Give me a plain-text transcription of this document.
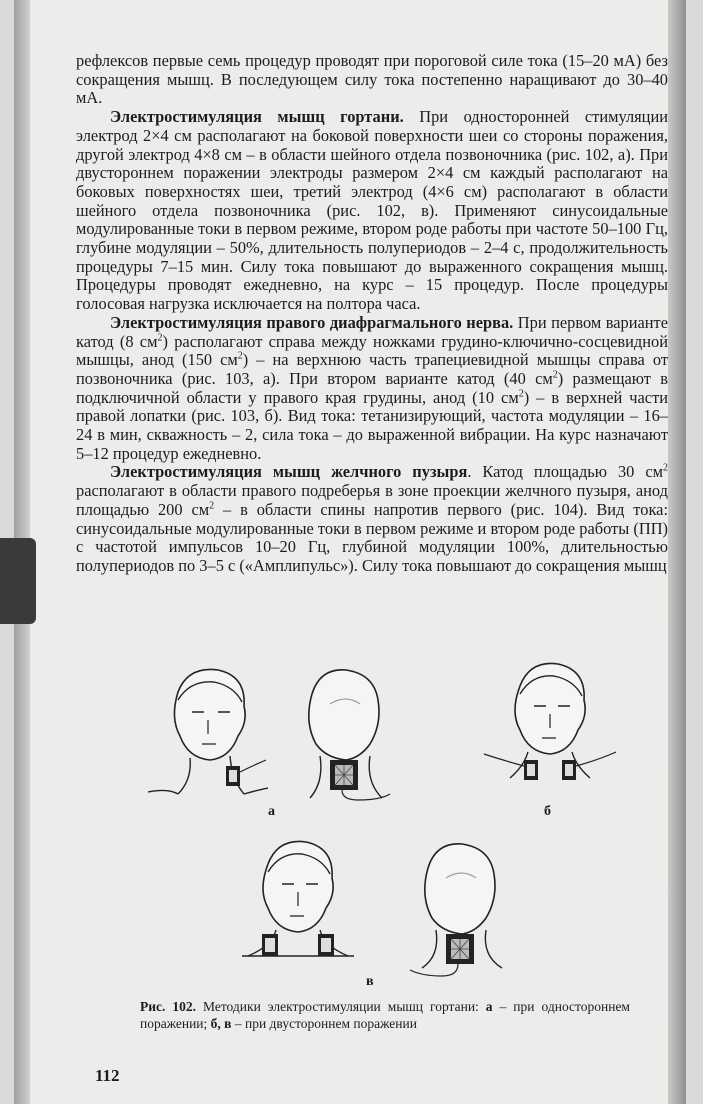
рефлексов первые семь процедур проводят при пороговой силе тока (15–20 мА) без сокращения мышц. В последующем силу тока постепенно наращивают до 30–40 мА.

Электростимуляция мышц гортани. При односторонней стимуляции электрод 2×4 см располагают на боковой поверхности шеи со стороны поражения, другой электрод 4×8 см – в области шейного отдела позвоночника (рис. 102, а). При двустороннем поражении электроды размером 2×4 см каждый располагают на боковых поверхностях шеи, третий электрод (4×6 см) располагают в области шейного отдела позвоночника (рис. 102, в). Применяют синусоидальные модулированные токи в первом режиме, втором роде работы при частоте 50–100 Гц, глубине модуляции – 50%, длительность полупериодов – 2–4 с, продолжительность процедуры 7–15 мин. Силу тока повышают до выраженного сокращения мышц. Процедуры проводят ежедневно, на курс – 15 процедур. После процедуры голосовая нагрузка исключается на полтора часа.

Электростимуляция правого диафрагмального нерва. При первом варианте катод (8 $см^2$) располагают справа между ножками грудино-ключично-сосцевидной мышцы, анод (150 $см^2$) – на верхнюю часть трапециевидной мышцы справа от позвоночника (рис. 103, а). При втором варианте катод (40 $см^2$) размещают в подключичной области у правого края грудины, анод (10 $см^2$) – в верхней части правой лопатки (рис. 103, б). Вид тока: тетанизирующий, частота модуляции – 16–24 в мин, скважность – 2, сила тока – до выраженной вибрации. На курс назначают 5–12 процедур ежедневно.

Электростимуляция мышц желчного пузыря. Катод площадью 30 $см^2$ располагают в области правого подреберья в зоне проекции желчного пузыря, анод площадью 200 $см^2$ – в области спины напротив первого (рис. 104). Вид тока: синусоидальные модулированные токи в первом режиме и втором роде работы (ПП) с частотой импульсов 10–20 Гц, глубиной модуляции 100%, длительностью полупериодов по 3–5 с («Амплипульс»). Силу тока повышают до сокращения мышц

а	б
в
Рис. 102. Методики электростимуляции мышц гортани: а – при одностороннем поражении; б, в – при двустороннем поражении
112
